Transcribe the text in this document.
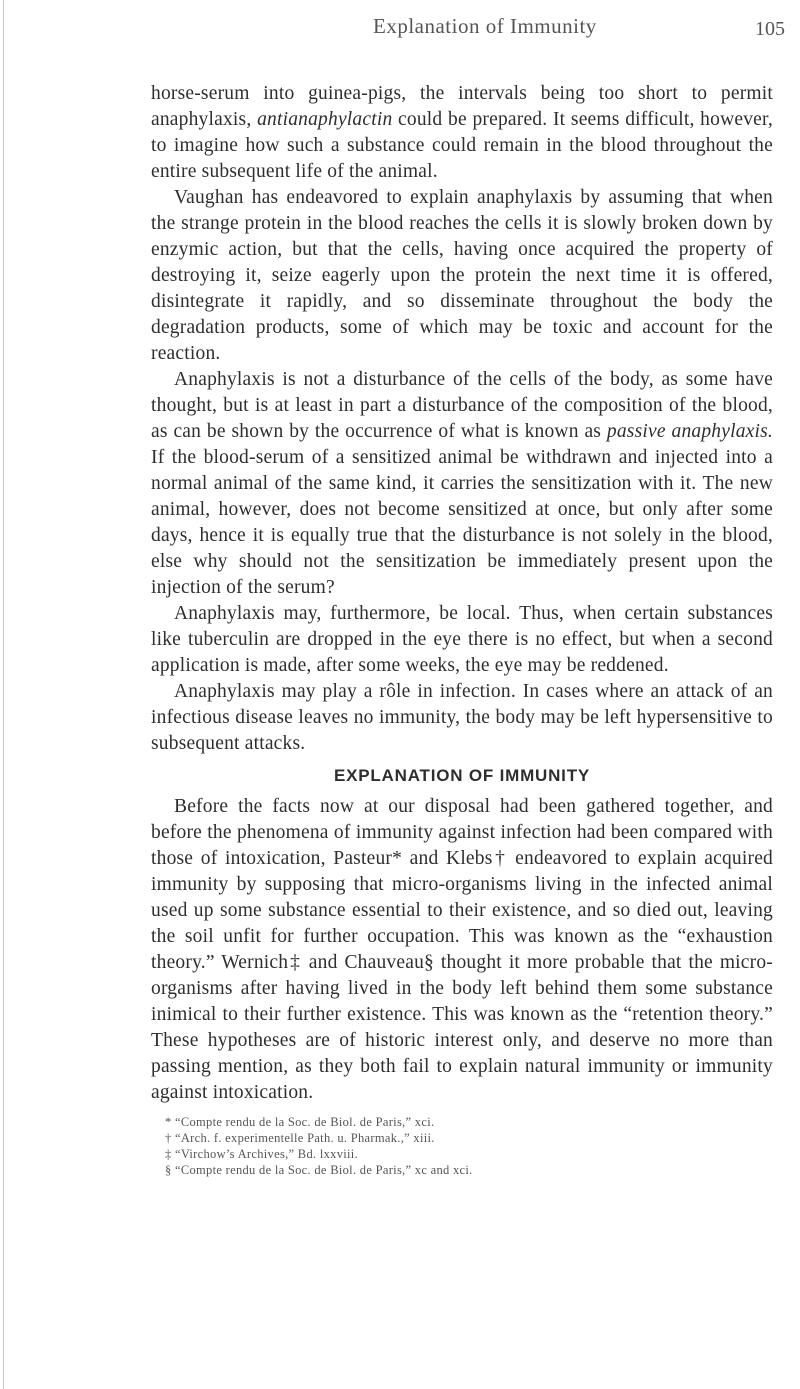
Explanation of Immunity	105

horse-serum into guinea-pigs, the intervals being too short to permit anaphylaxis, antianaphylactin could be prepared. It seems difficult, however, to imagine how such a substance could remain in the blood throughout the entire subsequent life of the animal.

Vaughan has endeavored to explain anaphylaxis by assuming that when the strange protein in the blood reaches the cells it is slowly broken down by enzymic action, but that the cells, having once acquired the property of destroying it, seize eagerly upon the protein the next time it is offered, disintegrate it rapidly, and so disseminate throughout the body the degradation products, some of which may be toxic and account for the reaction.

Anaphylaxis is not a disturbance of the cells of the body, as some have thought, but is at least in part a disturbance of the composition of the blood, as can be shown by the occurrence of what is known as passive anaphylaxis. If the blood-serum of a sensitized animal be withdrawn and injected into a normal animal of the same kind, it carries the sensitization with it. The new animal, however, does not become sensitized at once, but only after some days, hence it is equally true that the disturbance is not solely in the blood, else why should not the sensitization be immediately present upon the injection of the serum?

Anaphylaxis may, furthermore, be local. Thus, when certain substances like tuberculin are dropped in the eye there is no effect, but when a second application is made, after some weeks, the eye may be reddened.

Anaphylaxis may play a rôle in infection. In cases where an attack of an infectious disease leaves no immunity, the body may be left hypersensitive to subsequent attacks.

EXPLANATION OF IMMUNITY

Before the facts now at our disposal had been gathered together, and before the phenomena of immunity against infection had been compared with those of intoxication, Pasteur* and Klebs† endeavored to explain acquired immunity by supposing that micro-organisms living in the infected animal used up some substance essential to their existence, and so died out, leaving the soil unfit for further occupation. This was known as the “exhaustion theory.” Wernich‡ and Chauveau§ thought it more probable that the micro-organisms after having lived in the body left behind them some substance inimical to their further existence. This was known as the “retention theory.” These hypotheses are of historic interest only, and deserve no more than passing mention, as they both fail to explain natural immunity or immunity against intoxication.

* “Compte rendu de la Soc. de Biol. de Paris,” xci.
† “Arch. f. experimentelle Path. u. Pharmak.,” xiii.
‡ “Virchow’s Archives,” Bd. lxxviii.
§ “Compte rendu de la Soc. de Biol. de Paris,” xc and xci.
